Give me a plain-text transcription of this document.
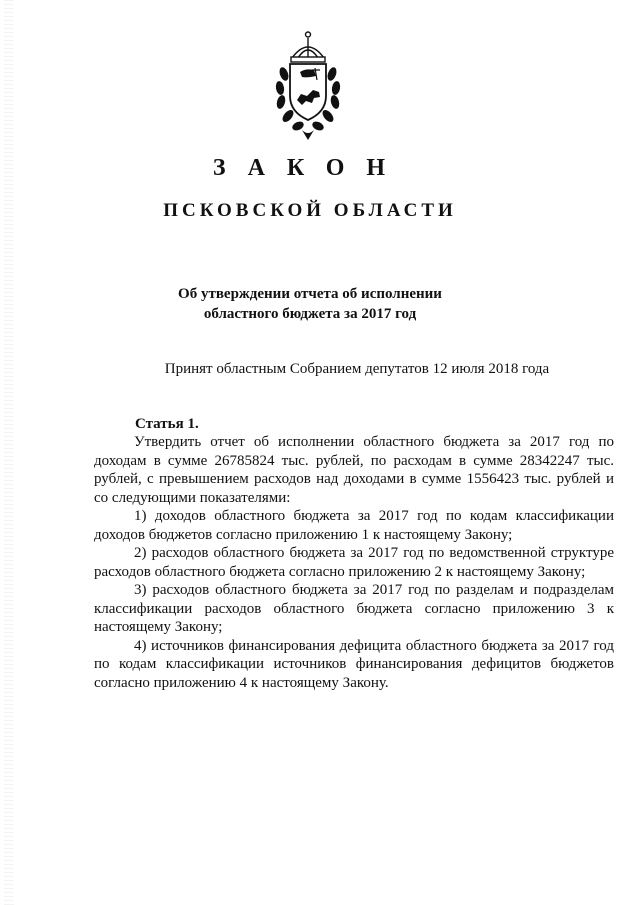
ЗАКОН
ПСКОВСКОЙ ОБЛАСТИ
Об утверждении отчета об исполнении
областного бюджета за 2017 год
Принят областным Собранием депутатов 12 июля 2018 года
Статья 1.

Утвердить отчет об исполнении областного бюджета за 2017 год по доходам в сумме 26785824 тыс. рублей, по расходам в сумме 28342247 тыс. рублей, с превышением расходов над доходами в сумме 1556423 тыс. рублей и со следующими показателями:

1) доходов областного бюджета за 2017 год по кодам классификации доходов бюджетов согласно приложению 1 к настоящему Закону;

2) расходов областного бюджета за 2017 год по ведомственной структуре расходов областного бюджета согласно приложению 2 к настоящему Закону;

3) расходов областного бюджета за 2017 год по разделам и подразделам классификации расходов областного бюджета согласно приложению 3 к настоящему Закону;

4) источников финансирования дефицита областного бюджета за 2017 год по кодам классификации источников финансирования дефицитов бюджетов согласно приложению 4 к настоящему Закону.
